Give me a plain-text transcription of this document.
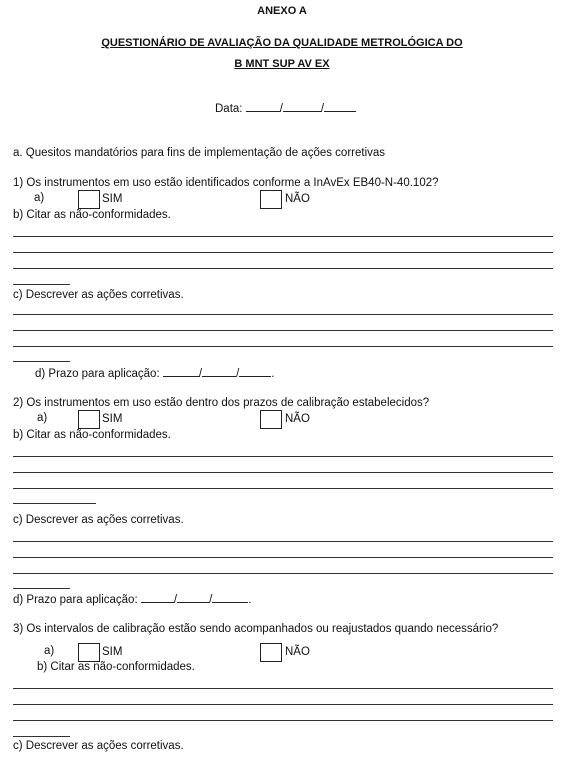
ANEXO A
QUESTIONÁRIO DE AVALIAÇÃO DA QUALIDADE METROLÓGICA DO
B MNT SUP AV EX
Data:	/	/
a. Quesitos mandatórios para fins de implementação de ações corretivas
1) Os instrumentos em uso estão identificados conforme a InAvEx EB40-N-40.102?
a)	SIM	NÃO
b) Citar as não-conformidades.
c) Descrever as ações corretivas.
d) Prazo para aplicação:	/	/	.
2) Os instrumentos em uso estão dentro dos prazos de calibração estabelecidos?
a)	SIM	NÃO
b) Citar as não-conformidades.
c) Descrever as ações corretivas.
d) Prazo para aplicação:	/	/	.
3) Os intervalos de calibração estão sendo acompanhados ou reajustados quando necessário?
a)	SIM	NÃO
b) Citar as não-conformidades.
c) Descrever as ações corretivas.
